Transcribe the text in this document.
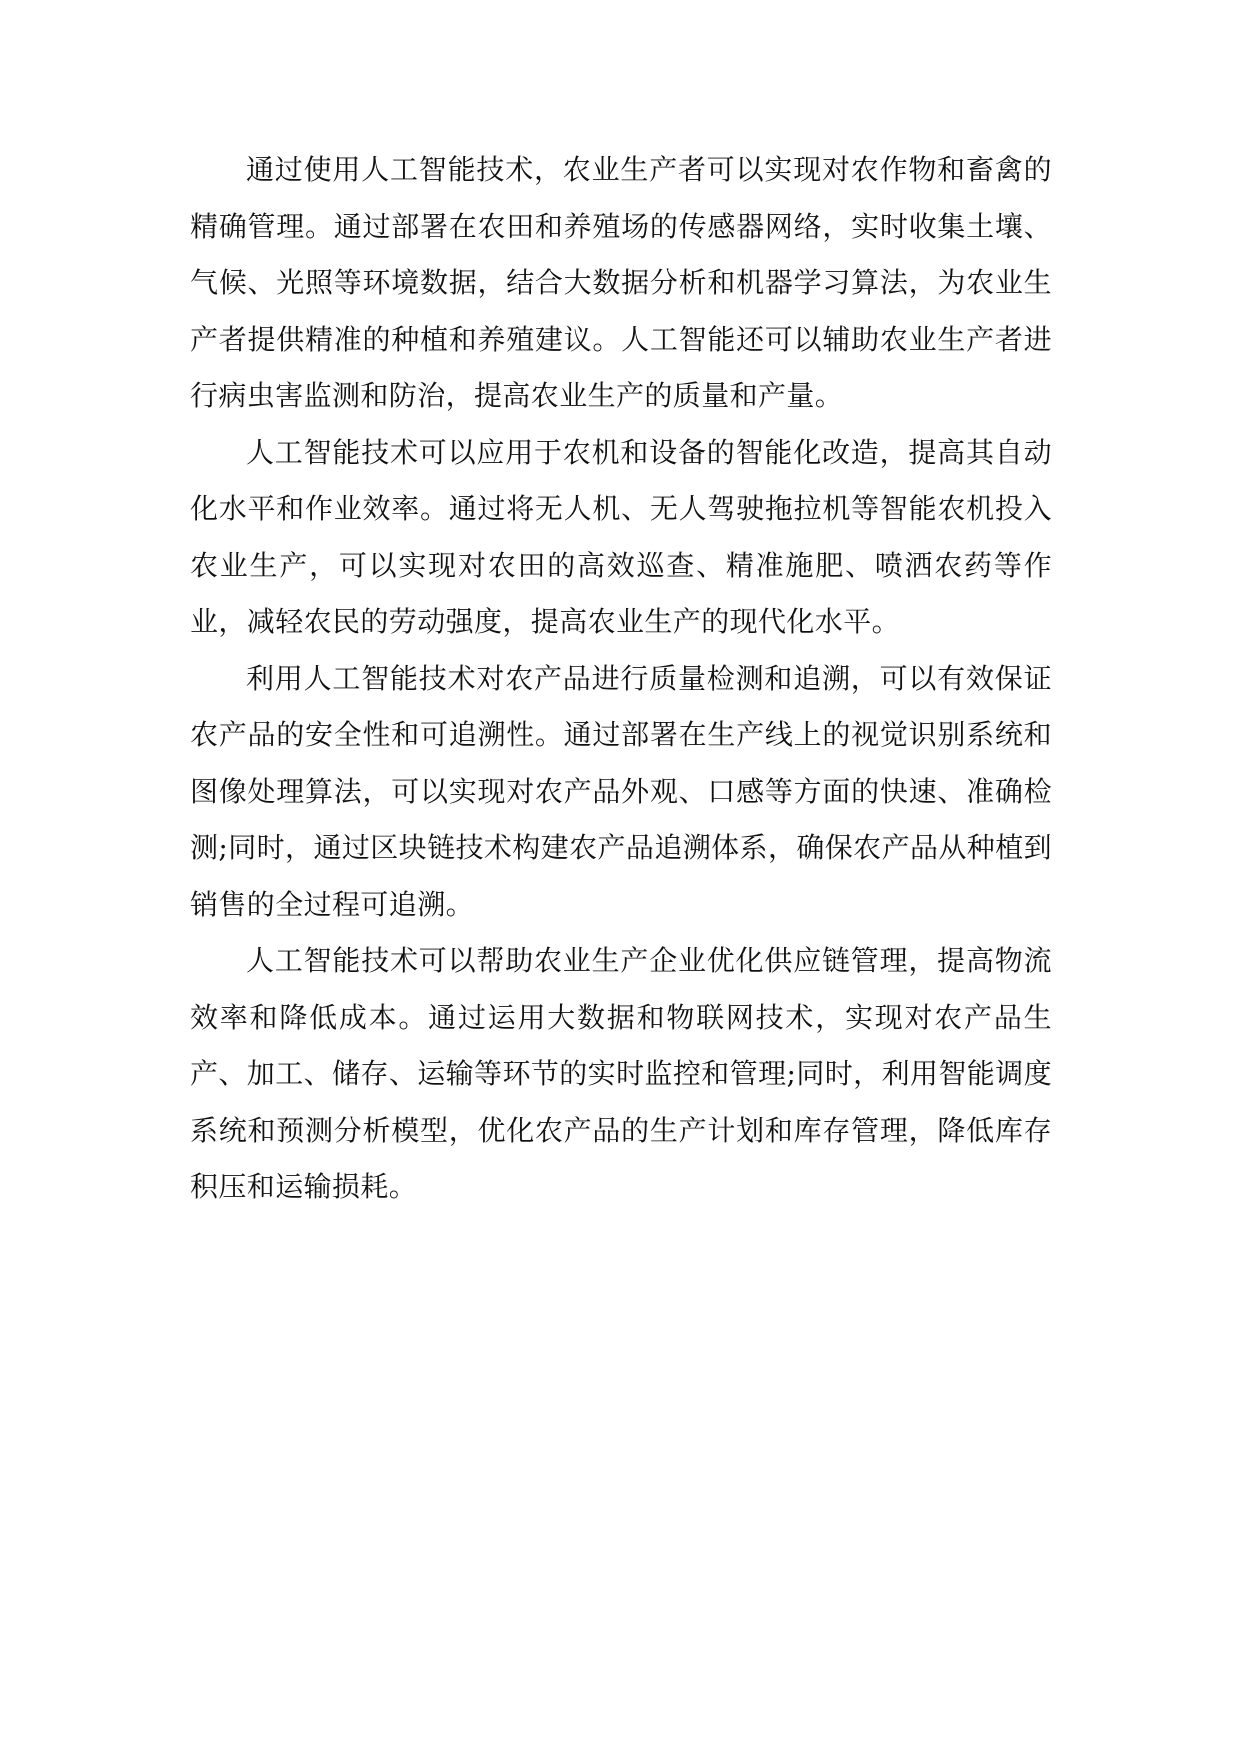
通过使用人工智能技术，农业生产者可以实现对农作物和畜禽的精确管理。通过部署在农田和养殖场的传感器网络，实时收集土壤、气候、光照等环境数据，结合大数据分析和机器学习算法，为农业生产者提供精准的种植和养殖建议。人工智能还可以辅助农业生产者进行病虫害监测和防治，提高农业生产的质量和产量。

人工智能技术可以应用于农机和设备的智能化改造，提高其自动化水平和作业效率。通过将无人机、无人驾驶拖拉机等智能农机投入农业生产，可以实现对农田的高效巡查、精准施肥、喷洒农药等作业，减轻农民的劳动强度，提高农业生产的现代化水平。

利用人工智能技术对农产品进行质量检测和追溯，可以有效保证农产品的安全性和可追溯性。通过部署在生产线上的视觉识别系统和图像处理算法，可以实现对农产品外观、口感等方面的快速、准确检测;同时，通过区块链技术构建农产品追溯体系，确保农产品从种植到销售的全过程可追溯。

人工智能技术可以帮助农业生产企业优化供应链管理，提高物流效率和降低成本。通过运用大数据和物联网技术，实现对农产品生产、加工、储存、运输等环节的实时监控和管理;同时，利用智能调度系统和预测分析模型，优化农产品的生产计划和库存管理，降低库存积压和运输损耗。
